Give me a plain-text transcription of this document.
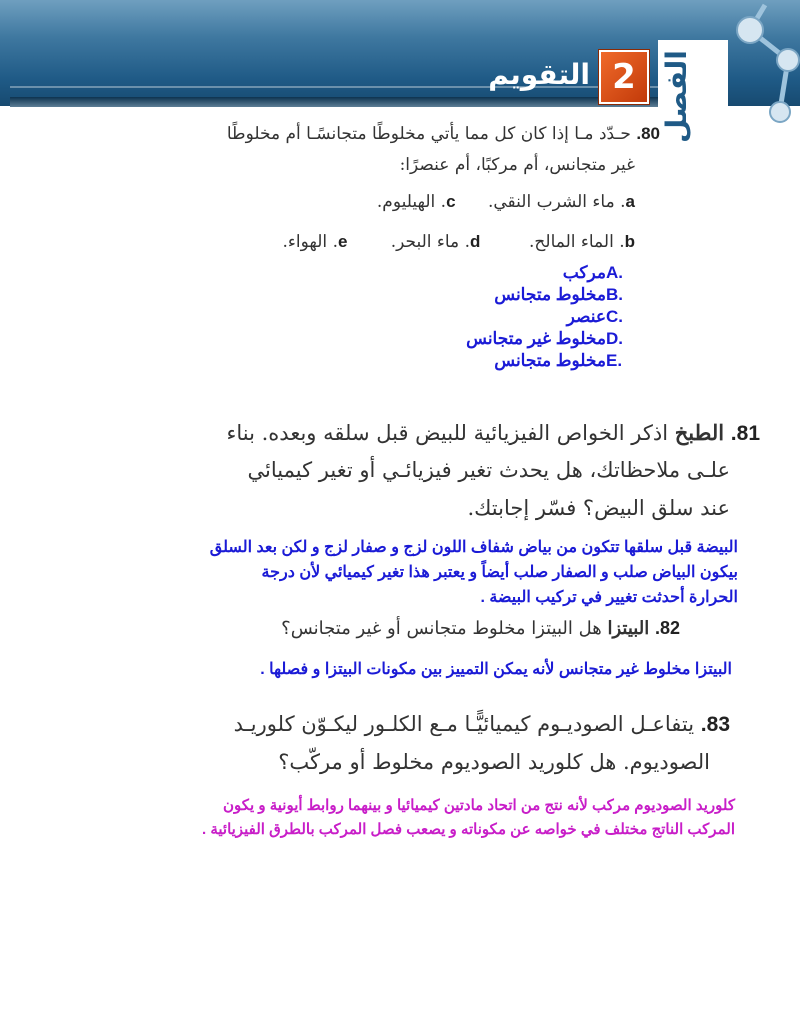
الفصل
2
التقويم
80. حـدّد مـا إذا كان كل مما يأتي مخلوطًا متجانسًـا أم مخلوطًا
غير متجانس، أم مركبًا، أم عنصرًا:
a. ماء الشرب النقي.      c. الهيليوم.
b. الماء المالح.         d. ماء البحر.        e. الهواء.
A.مركب
B.مخلوط متجانس
C.عنصر
D.مخلوط غير متجانس
E.مخلوط متجانس
81. الطبخ اذكر الخواص الفيزيائية للبيض قبل سلقه وبعده. بناء
علـى ملاحظاتك، هل يحدث تغير فيزيائـي أو تغير كيميائي
عند سلق البيض؟ فسّر إجابتك.
البيضة قبل سلقها تتكون من بياض شفاف اللون لزج و صفار لزج و لكن بعد السلق
بيكون البياض صلب و الصفار صلب أيضاً و يعتبر هذا تغير كيميائي لأن درجة
الحرارة أحدثت تغيير في تركيب البيضة .
82. البيتزا هل البيتزا مخلوط متجانس أو غير متجانس؟
البيتزا مخلوط غير متجانس لأنه يمكن التمييز بين مكونات البيتزا و فصلها .
83. يتفاعـل الصوديـوم كيميائيًّـا مـع الكلـور ليكـوّن كلوريـد
الصوديوم. هل كلوريد الصوديوم مخلوط أو مركّب؟
كلوريد الصوديوم مركب لأنه نتج من اتحاد مادتين كيميائيا و بينهما روابط أيونية و يكون
المركب الناتج مختلف في خواصه عن مكوناته و يصعب فصل المركب بالطرق الفيزيائية .
